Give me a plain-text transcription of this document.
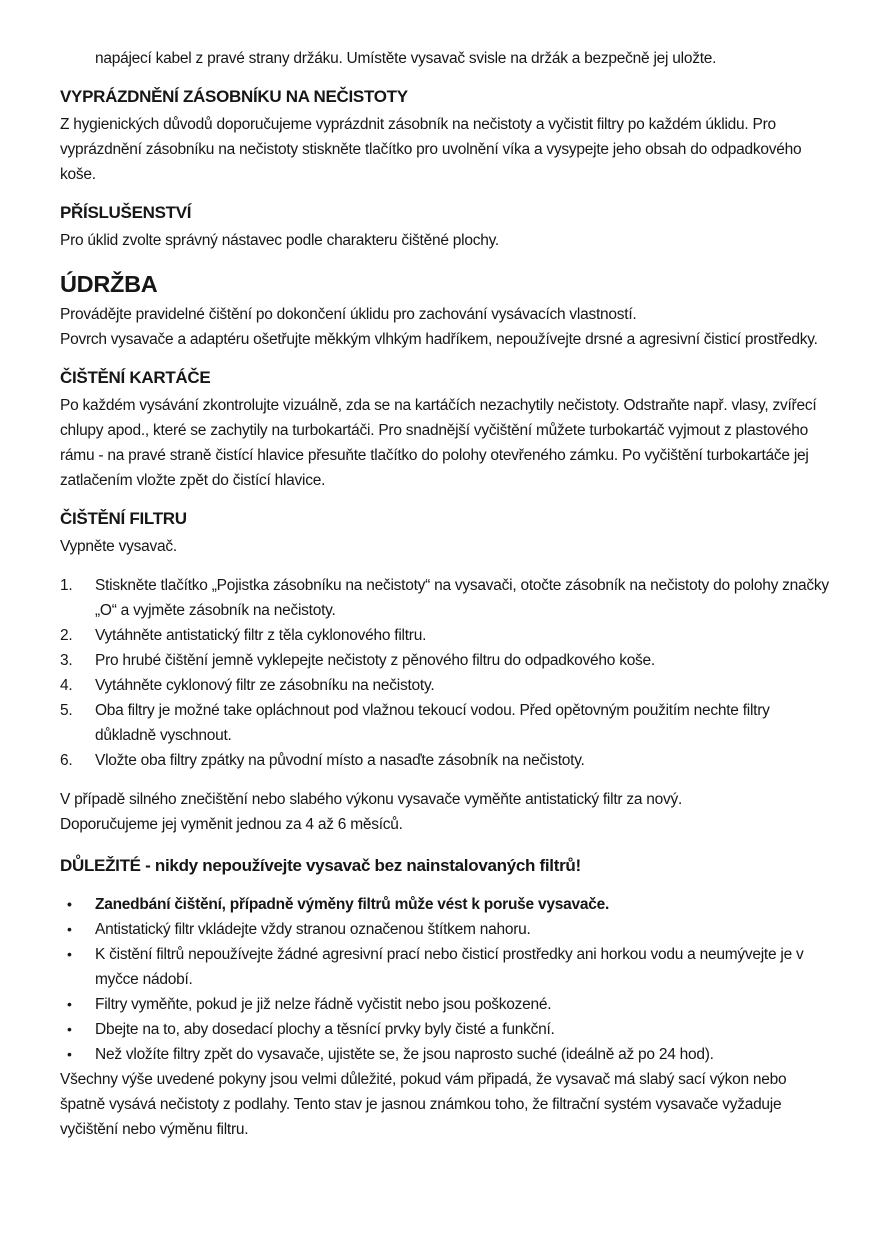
napájecí kabel z pravé strany držáku. Umístěte vysavač svisle na držák a bezpečně jej uložte.

VYPRÁZDNĚNÍ ZÁSOBNÍKU NA NEČISTOTY

Z hygienických důvodů doporučujeme vyprázdnit zásobník na nečistoty a vyčistit filtry po každém úklidu. Pro vyprázdnění zásobníku na nečistoty stiskněte tlačítko pro uvolnění víka a vysypejte jeho obsah do odpadkového koše.

PŘÍSLUŠENSTVÍ

Pro úklid zvolte správný nástavec podle charakteru čištěné plochy.

ÚDRŽBA

Provádějte pravidelné čištění po dokončení úklidu pro zachování vysávacích vlastností.

Povrch vysavače a adaptéru ošetřujte měkkým vlhkým hadříkem, nepoužívejte drsné a agresivní čisticí prostředky.

ČIŠTĚNÍ KARTÁČE

Po každém vysávání zkontrolujte vizuálně, zda se na kartáčích nezachytily nečistoty. Odstraňte např. vlasy, zvířecí chlupy apod., které se zachytily na turbokartáči. Pro snadnější vyčištění můžete turbokartáč vyjmout z plastového rámu - na pravé straně čistící hlavice přesuňte tlačítko do polohy otevřeného zámku. Po vyčištění turbokartáče jej zatlačením vložte zpět do čistící hlavice.

ČIŠTĚNÍ FILTRU

Vypněte vysavač.

1.	Stiskněte tlačítko „Pojistka zásobníku na nečistoty“ na vysavači, otočte zásobník na nečistoty do polohy značky „O“ a vyjměte zásobník na nečistoty.
2.	Vytáhněte antistatický filtr z těla cyklonového filtru.
3.	Pro hrubé čištění jemně vyklepejte nečistoty z pěnového filtru do odpadkového koše.
4.	Vytáhněte cyklonový filtr ze zásobníku na nečistoty.
5.	Oba filtry je možné take opláchnout pod vlažnou tekoucí vodou. Před opětovným použitím nechte filtry důkladně vyschnout.
6.	Vložte oba filtry zpátky na původní místo a nasaďte zásobník na nečistoty.

V případě silného znečištění nebo slabého výkonu vysavače vyměňte antistatický filtr za nový.

Doporučujeme jej vyměnit jednou za 4 až 6 měsíců.

DŮLEŽITÉ - nikdy nepoužívejte vysavač bez nainstalovaných filtrů!

•	Zanedbání čištění, případně výměny filtrů může vést k poruše vysavače.
•	Antistatický filtr vkládejte vždy stranou označenou štítkem nahoru.
•	K čistění filtrů nepoužívejte žádné agresivní prací nebo čisticí prostředky ani horkou vodu a neumývejte je v myčce nádobí.
•	Filtry vyměňte, pokud je již nelze řádně vyčistit nebo jsou poškozené.
•	Dbejte na to, aby dosedací plochy a těsnící prvky byly čisté a funkční.
•	Než vložíte filtry zpět do vysavače, ujistěte se, že jsou naprosto suché (ideálně až po 24 hod).

Všechny výše uvedené pokyny jsou velmi důležité, pokud vám připadá, že vysavač má slabý sací výkon nebo špatně vysává nečistoty z podlahy. Tento stav je jasnou známkou toho, že filtrační systém vysavače vyžaduje vyčištění nebo výměnu filtru.
